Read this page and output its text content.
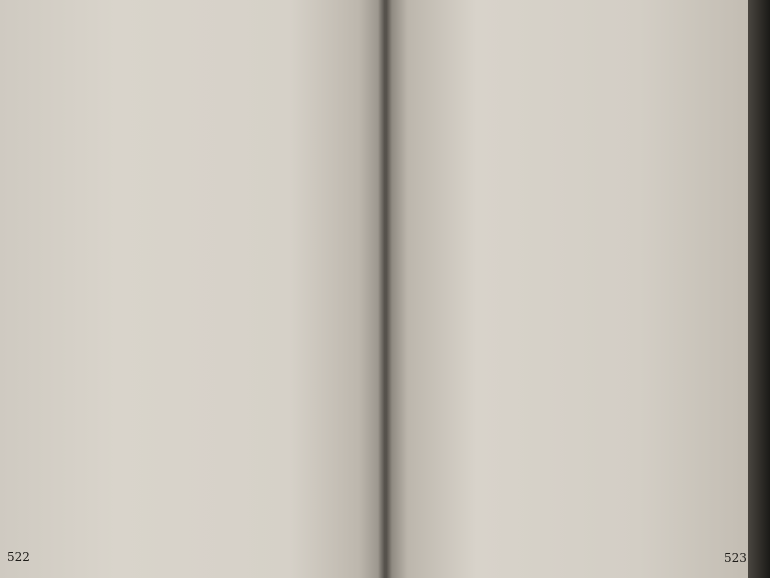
522	523
